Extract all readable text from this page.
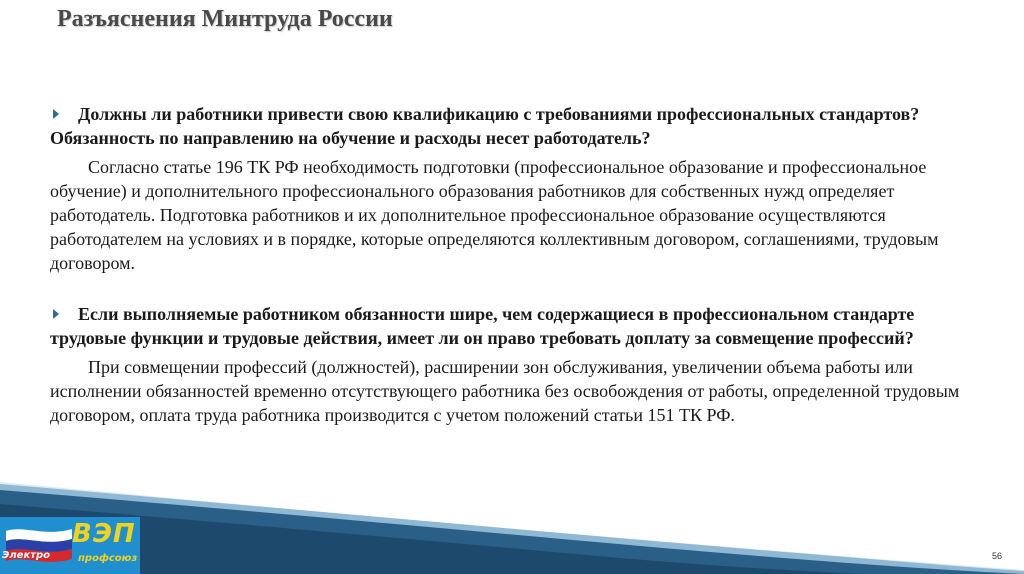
Разъяснения Минтруда России

Должны ли работники привести свою квалификацию с требованиями профессиональных стандартов? Обязанность по направлению на обучение и расходы несет работодатель?

Согласно статье 196 ТК РФ необходимость подготовки (профессиональное образование и профессиональное обучение) и дополнительного профессионального образования работников для собственных нужд определяет работодатель. Подготовка работников и их дополнительное профессиональное образование осуществляются работодателем на условиях и в порядке, которые определяются коллективным договором, соглашениями, трудовым договором.

Если выполняемые работником обязанности шире, чем содержащиеся в профессиональном стандарте трудовые функции и трудовые действия, имеет ли он право требовать доплату за совмещение профессий?

При совмещении профессий (должностей), расширении зон обслуживания, увеличении объема работы или исполнении обязанностей временно отсутствующего работника без освобождения от работы, определенной трудовым договором, оплата труда работника производится с учетом положений статьи 151 ТК РФ.

ВЭП
Электро	профсоюз	56
